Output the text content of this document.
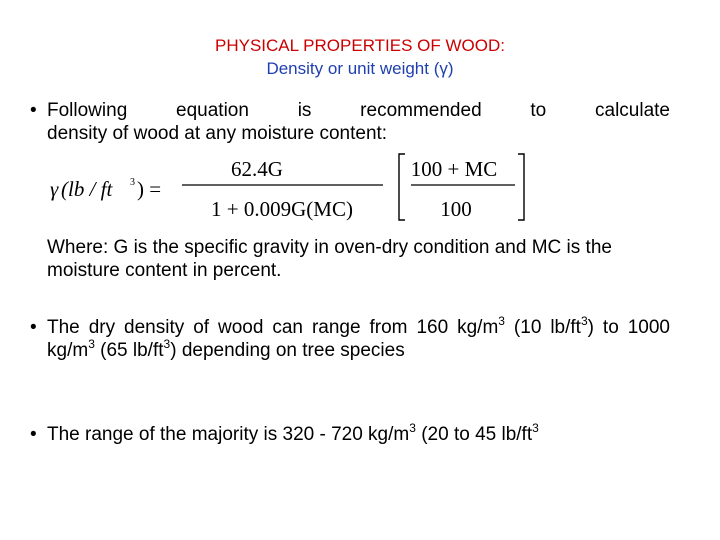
PHYSICAL PROPERTIES OF WOOD:
Density or unit weight (γ)
• Following equation is recommended to calculate
density of wood at any moisture content:
γ (lb / ft 3 ) =
62.4G
1 + 0.009G(MC)
100 + MC
100
Where: G is the specific gravity in oven-dry condition and MC is the moisture content in percent.
• The dry density of wood can range from 160 $kg/m^3$ (10 $lb/ft^3$) to 1000 $kg/m^3$ (65 $lb/ft^3$) depending on tree species
• The range of the majority is 320 - 720 $kg/m^3$ (20 to 45 $lb/ft^3$
